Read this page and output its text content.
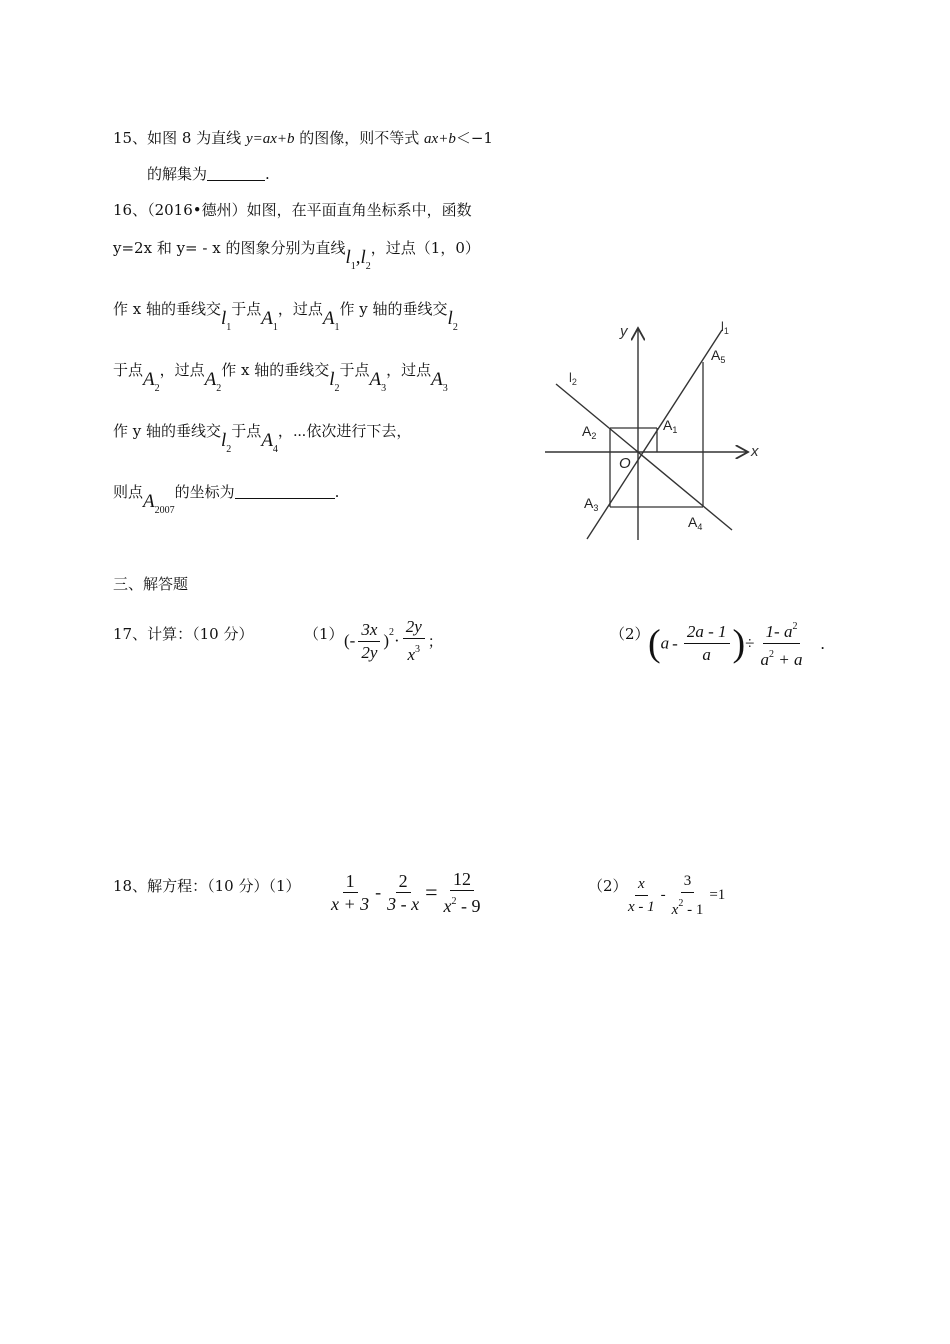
15、如图 8 为直线 y=ax+b 的图像，则不等式 ax+b＜−1
的解集为	.
16、（2016•德州）如图，在平面直角坐标系中，函数
y=2x 和 y= - x 的图象分别为直线$l_1,l_2$，过点（1，0）
作 x 轴的垂线交$l_1$于点$A_1$，过点$A_1$作 y 轴的垂线交$l_2$
于点$A_2$，过点$A_2$作 x 轴的垂线交$l_2$于点$A_3$，过点$A_3$
作 y 轴的垂线交$l_2$于点$A_4$，⋯依次进行下去，
则点$A_{2007}$的坐标为	.
y
x
O
$l_1$
$l_2$
$A_1$
$A_2$
$A_3$
$A_4$
$A_5$
三、解答题
17、计算：（10 分）	（1） (- $\frac{3x}{2y} )^2\cdot \frac{2y}{x^3}$ ；	（2）
($a - \frac{2a - 1}{a}$ )÷ $\frac{1- a^2}{a^2 + a}$ .
18、解方程：（10 分）$(1) \frac{1}{x + 3} - \frac{2}{3 - x} = \frac{12}{x^2 - 9}$	（2）
$\frac{x}{x - 1} - \frac{3}{x^2 - 1} =1$
